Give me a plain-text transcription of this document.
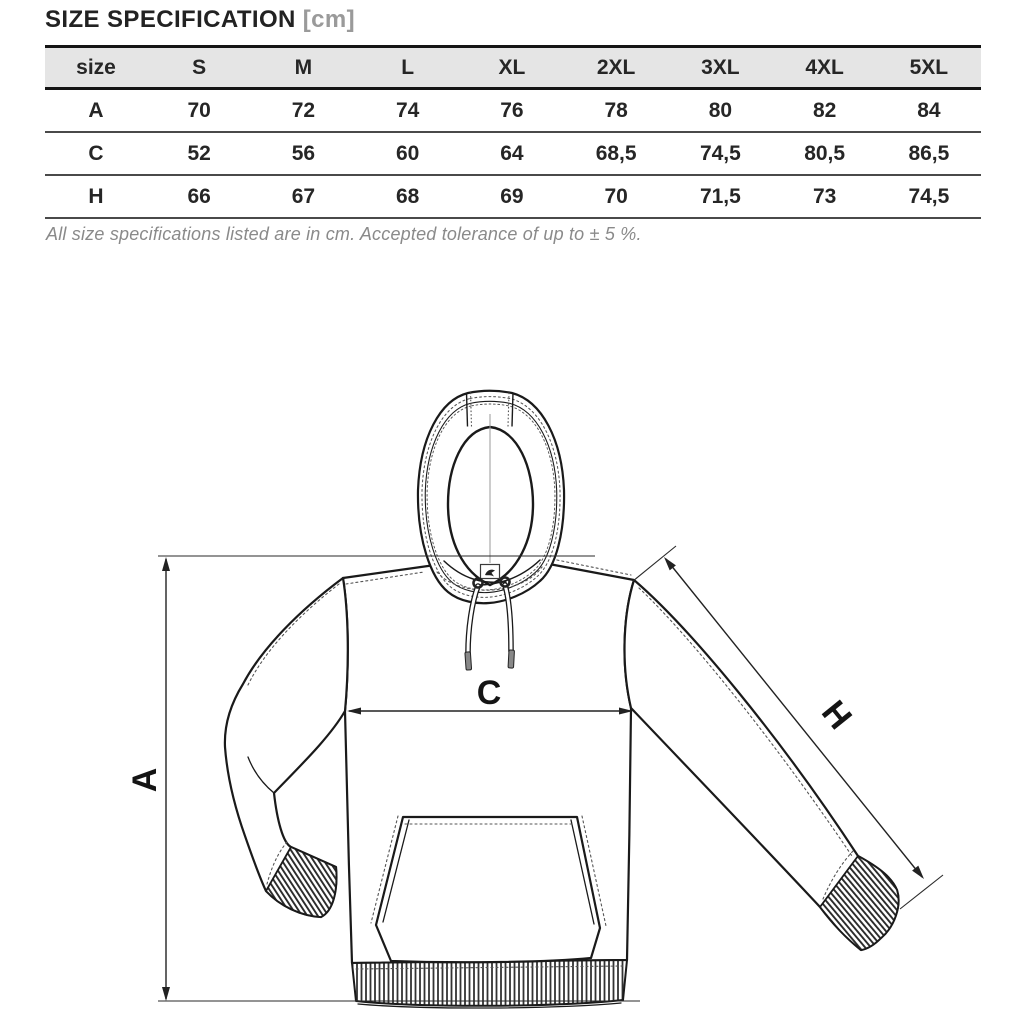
SIZE SPECIFICATION [cm]
size	S	M	L	XL	2XL	3XL	4XL	5XL
A	70	72	74	76	78	80	82	84
C	52	56	60	64	68,5	74,5	80,5	86,5
H	66	67	68	69	70	71,5	73	74,5
All size specifications listed are in cm. Accepted tolerance of up to ± 5 %.
A
C
H
